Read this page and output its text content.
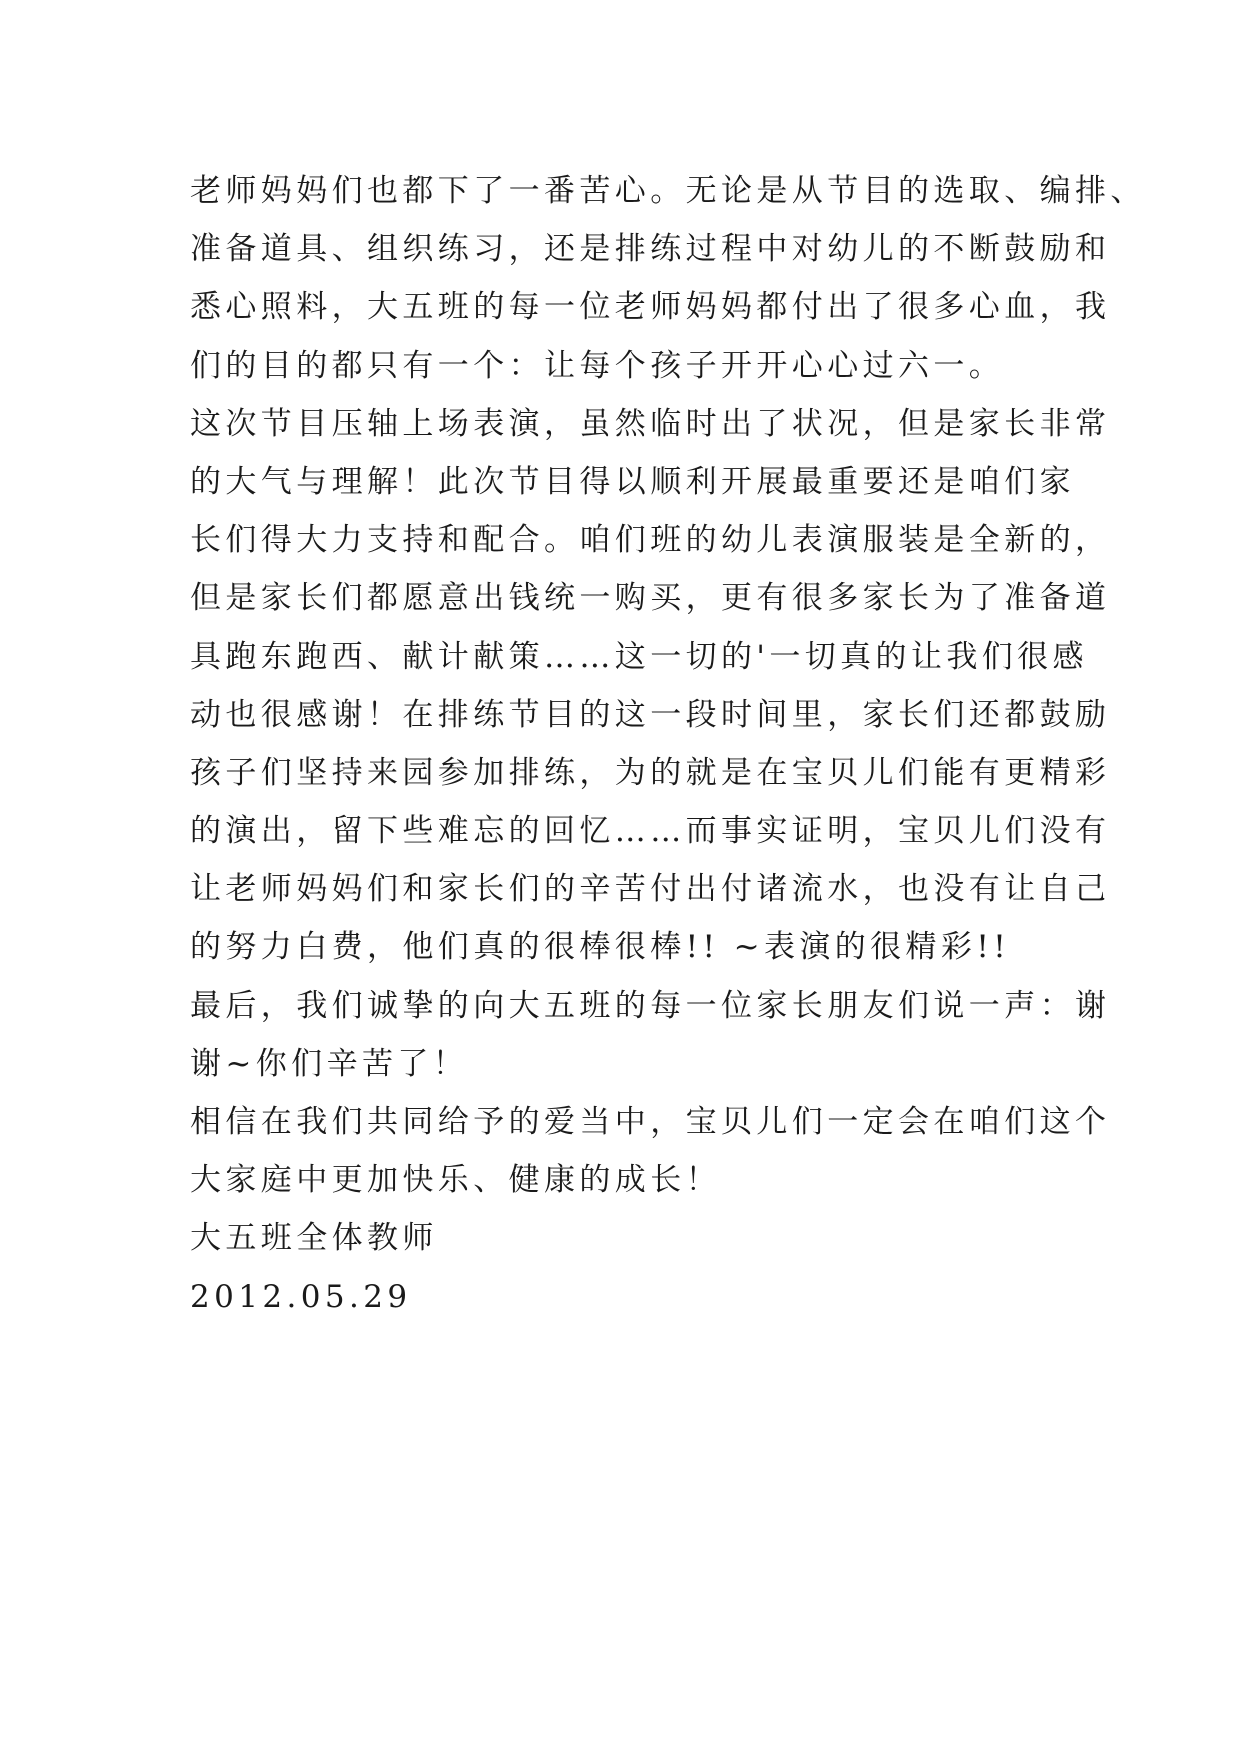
老师妈妈们也都下了一番苦心。无论是从节目的选取、编排、
准备道具、组织练习，还是排练过程中对幼儿的不断鼓励和
悉心照料，大五班的每一位老师妈妈都付出了很多心血，我
们的目的都只有一个：让每个孩子开开心心过六一。
这次节目压轴上场表演，虽然临时出了状况，但是家长非常
的大气与理解！此次节目得以顺利开展最重要还是咱们家
长们得大力支持和配合。咱们班的幼儿表演服装是全新的，
但是家长们都愿意出钱统一购买，更有很多家长为了准备道
具跑东跑西、献计献策……这一切的'一切真的让我们很感
动也很感谢！在排练节目的这一段时间里，家长们还都鼓励
孩子们坚持来园参加排练，为的就是在宝贝儿们能有更精彩
的演出，留下些难忘的回忆……而事实证明，宝贝儿们没有
让老师妈妈们和家长们的辛苦付出付诸流水，也没有让自己
的努力白费，他们真的很棒很棒!! ~表演的很精彩!!
最后，我们诚挚的向大五班的每一位家长朋友们说一声：谢
谢~你们辛苦了！
相信在我们共同给予的爱当中，宝贝儿们一定会在咱们这个
大家庭中更加快乐、健康的成长！
大五班全体教师
2012.05.29
